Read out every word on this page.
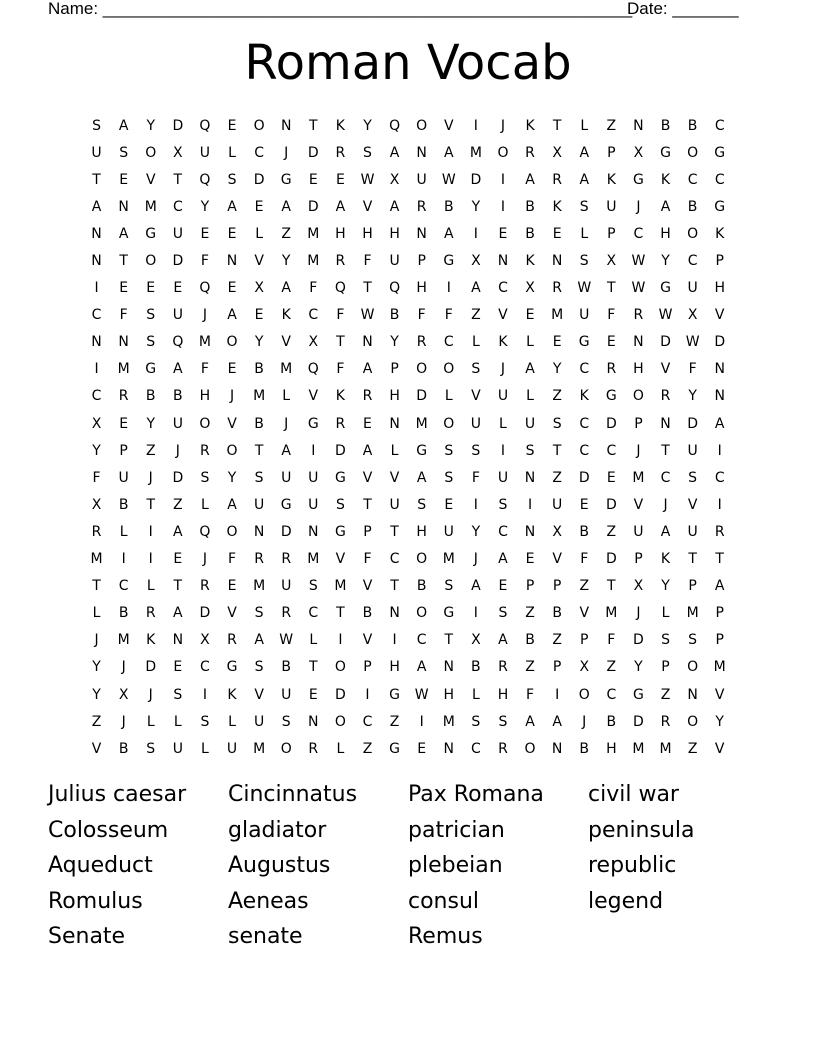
Name: ________________________________________________________
Date: _______
Roman Vocab
S	A	Y	D	Q	E	O	N	T	K	Y	Q	O	V	I	J	K	T	L	Z	N	B	B	C
U	S	O	X	U	L	C	J	D	R	S	A	N	A	M	O	R	X	A	P	X	G	O	G
T	E	V	T	Q	S	D	G	E	E	W	X	U	W	D	I	A	R	A	K	G	K	C	C
A	N	M	C	Y	A	E	A	D	A	V	A	R	B	Y	I	B	K	S	U	J	A	B	G
N	A	G	U	E	E	L	Z	M	H	H	H	N	A	I	E	B	E	L	P	C	H	O	K
N	T	O	D	F	N	V	Y	M	R	F	U	P	G	X	N	K	N	S	X	W	Y	C	P
I	E	E	E	Q	E	X	A	F	Q	T	Q	H	I	A	C	X	R	W	T	W	G	U	H
C	F	S	U	J	A	E	K	C	F	W	B	F	F	Z	V	E	M	U	F	R	W	X	V
N	N	S	Q	M	O	Y	V	X	T	N	Y	R	C	L	K	L	E	G	E	N	D	W	D
I	M	G	A	F	E	B	M	Q	F	A	P	O	O	S	J	A	Y	C	R	H	V	F	N
C	R	B	B	H	J	M	L	V	K	R	H	D	L	V	U	L	Z	K	G	O	R	Y	N
X	E	Y	U	O	V	B	J	G	R	E	N	M	O	U	L	U	S	C	D	P	N	D	A
Y	P	Z	J	R	O	T	A	I	D	A	L	G	S	S	I	S	T	C	C	J	T	U	I
F	U	J	D	S	Y	S	U	U	G	V	V	A	S	F	U	N	Z	D	E	M	C	S	C
X	B	T	Z	L	A	U	G	U	S	T	U	S	E	I	S	I	U	E	D	V	J	V	I
R	L	I	A	Q	O	N	D	N	G	P	T	H	U	Y	C	N	X	B	Z	U	A	U	R
M	I	I	E	J	F	R	R	M	V	F	C	O	M	J	A	E	V	F	D	P	K	T	T
T	C	L	T	R	E	M	U	S	M	V	T	B	S	A	E	P	P	Z	T	X	Y	P	A
L	B	R	A	D	V	S	R	C	T	B	N	O	G	I	S	Z	B	V	M	J	L	M	P
J	M	K	N	X	R	A	W	L	I	V	I	C	T	X	A	B	Z	P	F	D	S	S	P
Y	J	D	E	C	G	S	B	T	O	P	H	A	N	B	R	Z	P	X	Z	Y	P	O	M
Y	X	J	S	I	K	V	U	E	D	I	G	W	H	L	H	F	I	O	C	G	Z	N	V
Z	J	L	L	S	L	U	S	N	O	C	Z	I	M	S	S	A	A	J	B	D	R	O	Y
V	B	S	U	L	U	M	O	R	L	Z	G	E	N	C	R	O	N	B	H	M	M	Z	V
Julius caesar	Cincinnatus	Pax Romana	civil war
Colosseum	gladiator	patrician	peninsula
Aqueduct	Augustus	plebeian	republic
Romulus	Aeneas	consul	legend
Senate	senate	Remus
